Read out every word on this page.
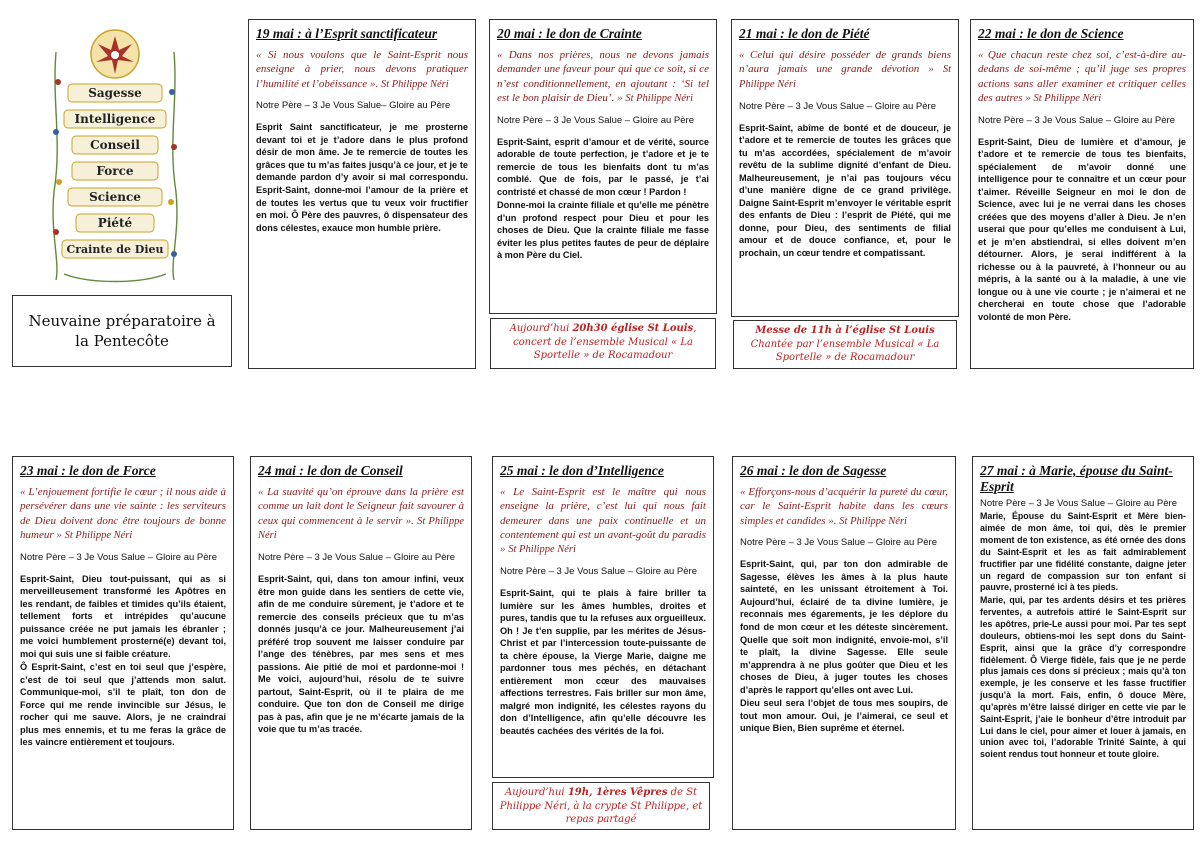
Sagesse
Intelligence
Conseil
Force
Science
Piété
Crainte de Dieu
Neuvaine préparatoire à la Pentecôte
19 mai : à l’Esprit sanctificateur

« Si nous voulons que le Saint-Esprit nous enseigne à prier, nous devons pratiquer l’humilité et l’obéissance ». St Philippe Néri

Notre Père – 3 Je Vous Salue– Gloire au Père

Esprit Saint sanctificateur, je me prosterne devant toi et je t’adore dans le plus profond désir de mon âme. Je te remercie de toutes les grâces que tu m’as faites jusqu’à ce jour, et je te demande pardon d’y avoir si mal correspondu. Esprit-Saint, donne-moi l’amour de la prière et de toutes les vertus que tu veux voir fructifier en moi. Ô Père des pauvres, ô dispensateur des dons célestes, exauce mon humble prière.

20 mai : le don de Crainte

« Dans nos prières, nous ne devons jamais demander une faveur pour qui que ce soit, si ce n’est conditionnellement, en ajoutant : ‘Si tel est le bon plaisir de Dieu’. » St Philippe Néri

Notre Père – 3 Je Vous Salue – Gloire au Père

Esprit-Saint, esprit d’amour et de vérité, source adorable de toute perfection, je t’adore et je te remercie de tous les bienfaits dont tu m’as comblé. Que de fois, par le passé, je t’ai contristé et chassé de mon cœur ! Pardon !

Donne-moi la crainte filiale et qu’elle me pénètre d’un profond respect pour Dieu et pour les choses de Dieu. Que la crainte filiale me fasse éviter les plus petites fautes de peur de déplaire à mon Père du Ciel.

Aujourd’hui 20h30 église St Louis, concert de l’ensemble Musical « La Sportelle » de Rocamadour
21 mai : le don de Piété

« Celui qui désire posséder de grands biens n’aura jamais une grande dévotion » St Philippe Néri

Notre Père – 3 Je Vous Salue – Gloire au Père

Esprit-Saint, abîme de bonté et de douceur, je t’adore et te remercie de toutes les grâces que tu m’as accordées, spécialement de m’avoir revêtu de la sublime dignité d’enfant de Dieu. Malheureusement, je n’ai pas toujours vécu d’une manière digne de ce grand privilège. Daigne Saint-Esprit m’envoyer le véritable esprit des enfants de Dieu : l’esprit de Piété, qui me donne, pour Dieu, des sentiments de filial amour et de douce confiance, et, pour le prochain, un cœur tendre et compatissant.

Messe de 11h à l’église St Louis Chantée par l’ensemble Musical « La Sportelle » de Rocamadour
22 mai : le don de Science

« Que chacun reste chez soi, c’est-à-dire au-dedans de soi-même ; qu’il juge ses propres actions sans aller examiner et critiquer celles des autres » St Philippe Néri

Notre Père – 3 Je Vous Salue – Gloire au Père

Esprit-Saint, Dieu de lumière et d’amour, je t’adore et te remercie de tous tes bienfaits, spécialement de m’avoir donné une intelligence pour te connaître et un cœur pour t’aimer. Réveille Seigneur en moi le don de Science, avec lui je ne verrai dans les choses créées que des moyens d’aller à Dieu. Je n’en userai que pour qu’elles me conduisent à Lui, et je m’en abstiendrai, si elles doivent m’en détourner. Alors, je serai indifférent à la richesse ou à la pauvreté, à l’honneur ou au mépris, à la santé ou à la maladie, à une vie longue ou à une vie courte ; je n’aimerai et ne chercherai en toute chose que l’adorable volonté de mon Père.

23 mai : le don de Force

« L’enjouement fortifie le cœur ; il nous aide à persévérer dans une vie sainte : les serviteurs de Dieu doivent donc être toujours de bonne humeur » St Philippe Néri

Notre Père – 3 Je Vous Salue – Gloire au Père

Esprit-Saint, Dieu tout-puissant, qui as si merveilleusement transformé les Apôtres en les rendant, de faibles et timides qu’ils étaient, tellement forts et intrépides qu’aucune puissance créée ne put jamais les ébranler ; me voici humblement prosterné(e) devant toi, moi qui suis une si faible créature.

Ô Esprit-Saint, c’est en toi seul que j’espère, c’est de toi seul que j’attends mon salut. Communique-moi, s’il te plaît, ton don de Force qui me rende invincible sur Jésus, le rocher qui me sauve. Alors, je ne craindrai plus mes ennemis, et tu me feras la grâce de les vaincre entièrement et toujours.

24 mai : le don de Conseil

« La suavité qu’on éprouve dans la prière est comme un lait dont le Seigneur fait savourer à ceux qui commencent à le servir ». St Philippe Néri

Notre Père – 3 Je Vous Salue – Gloire au Père

Esprit-Saint, qui, dans ton amour infini, veux être mon guide dans les sentiers de cette vie, afin de me conduire sûrement, je t’adore et te remercie des conseils précieux que tu m’as donnés jusqu’à ce jour. Malheureusement j’ai préféré trop souvent me laisser conduire par l’ange des ténèbres, par mes sens et mes passions. Aie pitié de moi et pardonne-moi ! Me voici, aujourd’hui, résolu de te suivre partout, Saint-Esprit, où il te plaira de me conduire. Que ton don de Conseil me dirige pas à pas, afin que je ne m’écarte jamais de la voie que tu m’as tracée.

25 mai : le don d’Intelligence

« Le Saint-Esprit est le maître qui nous enseigne la prière, c’est lui qui nous fait demeurer dans une paix continuelle et un contentement qui est un avant-goût du paradis » St Philippe Néri

Notre Père – 3 Je Vous Salue – Gloire au Père

Esprit-Saint, qui te plais à faire briller ta lumière sur les âmes humbles, droites et pures, tandis que tu la refuses aux orgueilleux. Oh ! Je t’en supplie, par les mérites de Jésus-Christ et par l’intercession toute-puissante de ta chère épouse, la Vierge Marie, daigne me pardonner tous mes péchés, en détachant entièrement mon cœur des mauvaises affections terrestres. Fais briller sur mon âme, malgré mon indignité, les célestes rayons du don d’Intelligence, afin qu’elle découvre les beautés cachées des vérités de la foi.

Aujourd’hui 19h, 1ères Vêpres de St Philippe Néri, à la crypte St Philippe, et repas partagé
26 mai : le don de Sagesse

« Efforçons-nous d’acquérir la pureté du cœur, car le Saint-Esprit habite dans les cœurs simples et candides ». St Philippe Néri

Notre Père – 3 Je Vous Salue – Gloire au Père

Esprit-Saint, qui, par ton don admirable de Sagesse, élèves les âmes à la plus haute sainteté, en les unissant étroitement à Toi. Aujourd’hui, éclairé de ta divine lumière, je reconnais mes égarements, je les déplore du fond de mon cœur et les déteste sincèrement. Quelle que soit mon indignité, envoie-moi, s’il te plaît, la divine Sagesse. Elle seule m’apprendra à ne plus goûter que Dieu et les choses de Dieu, à juger toutes les choses d’après le rapport qu’elles ont avec Lui.

Dieu seul sera l’objet de tous mes soupirs, de tout mon amour. Oui, je l’aimerai, ce seul et unique Bien, Bien suprême et éternel.

27 mai : à Marie, épouse du Saint-Esprit

Notre Père – 3 Je Vous Salue – Gloire au Père

Marie, Épouse du Saint-Esprit et Mère bien-aimée de mon âme, toi qui, dès le premier moment de ton existence, as été ornée des dons du Saint-Esprit et les as fait admirablement fructifier par une fidélité constante, daigne jeter un regard de compassion sur ton enfant si pauvre, prosterné ici à tes pieds.

Marie, qui, par tes ardents désirs et tes prières ferventes, a autrefois attiré le Saint-Esprit sur les apôtres, prie-Le aussi pour moi. Par tes sept douleurs, obtiens-moi les sept dons du Saint-Esprit, ainsi que la grâce d’y correspondre fidèlement. Ô Vierge fidèle, fais que je ne perde plus jamais ces dons si précieux ; mais qu’à ton exemple, je les conserve et les fasse fructifier jusqu’à la mort. Fais, enfin, ô douce Mère, qu’après m’être laissé diriger en cette vie par le Saint-Esprit, j’aie le bonheur d’être introduit par Lui dans le ciel, pour aimer et louer à jamais, en union avec toi, l’adorable Trinité Sainte, à qui soient rendus tout honneur et toute gloire.
